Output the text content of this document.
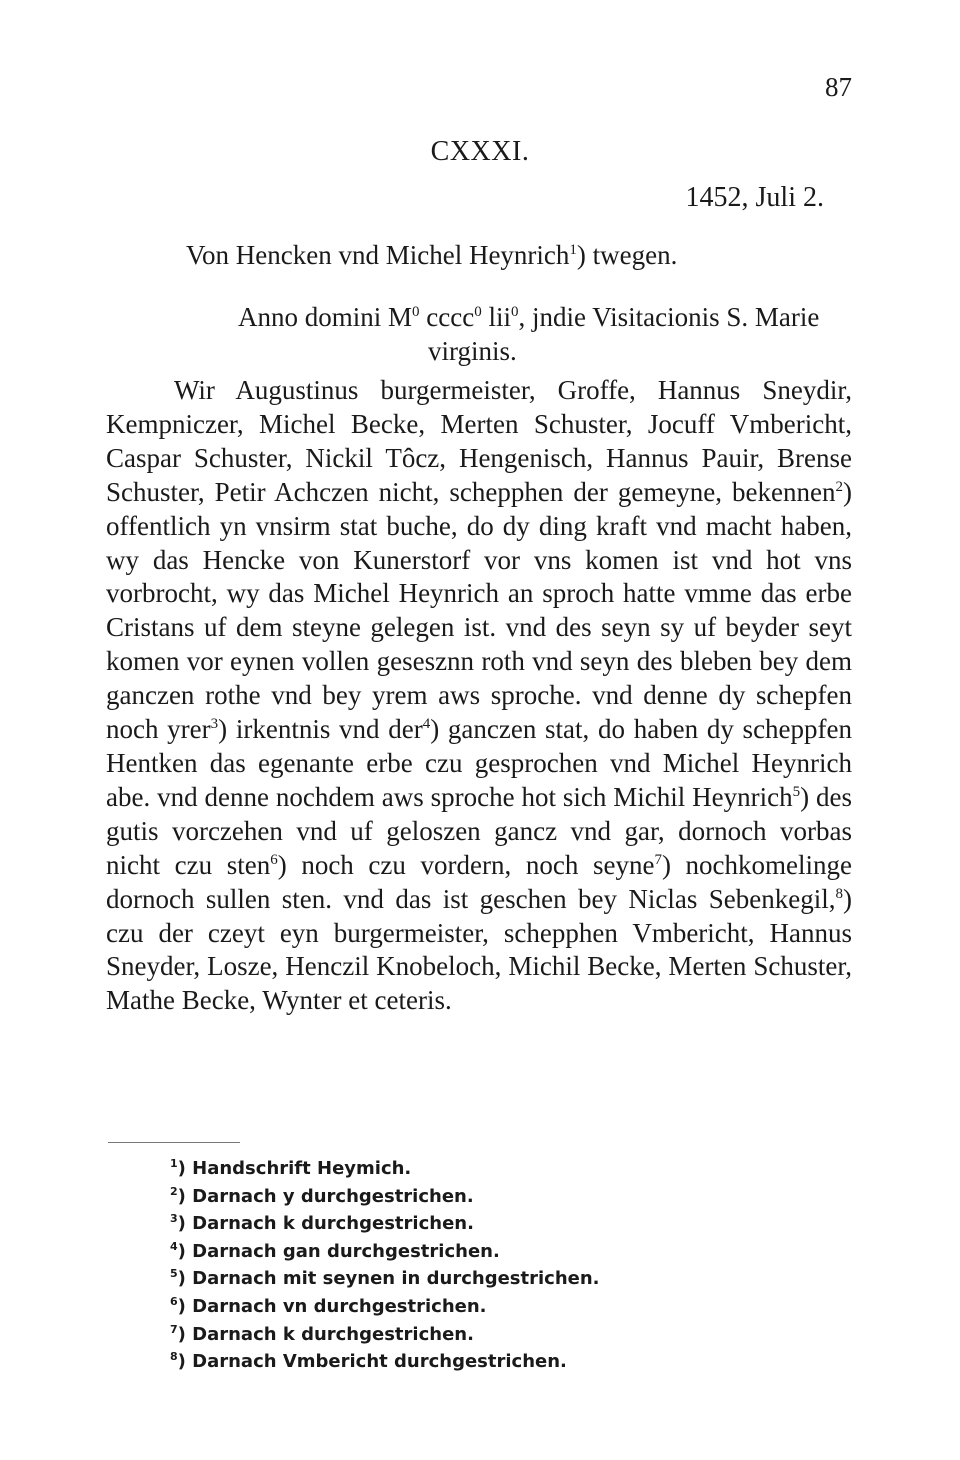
87
CXXXI.
1452, Juli 2.
Von Hencken vnd Michel Heynrich$^1$) twegen.
Anno domini $M^0$ cccc$^0$ lii$^0$, jndie Visitacionis S. Marie
virginis.

Wir Augustinus burgermeister, Groffe, Hannus Sneydir, Kempniczer, Michel Becke, Merten Schuster, Jocuff Vmbericht, Caspar Schuster, Nickil Tôcz, Hengenisch, Hannus Pauir, Brense Schuster, Petir Achczen nicht, schepphen der gemeyne, bekennen$^2$) offentlich yn vnsirm stat buche, do dy ding kraft vnd macht haben, wy das Hencke von Kunerstorf vor vns komen ist vnd hot vns vorbrocht, wy das Michel Heynrich an sproch hatte vmme das erbe Cristans uf dem steyne gelegen ist. vnd des seyn sy uf beyder seyt komen vor eynen vollen gesesznn roth vnd seyn des bleben bey dem ganczen rothe vnd bey yrem aws sproche. vnd denne dy schepfen noch yrer$^3$) irkentnis vnd der$^4$) ganczen stat, do haben dy scheppfen Hentken das egenante erbe czu gesprochen vnd Michel Heynrich abe. vnd denne nochdem aws sproche hot sich Michil Heynrich$^5$) des gutis vorczehen vnd uf geloszen gancz vnd gar, dornoch vorbas nicht czu sten$^6$) noch czu vordern, noch seyne$^7$) nochkomelinge dornoch sullen sten. vnd das ist geschen bey Niclas Sebenkegil,$^8$) czu der czeyt eyn burgermeister, schepphen Vmbericht, Hannus Sneyder, Losze, Henczil Knobeloch, Michil Becke, Merten Schuster, Mathe Becke, Wynter et ceteris.

$^1$) Handschrift Heymich.
$^2$) Darnach y durchgestrichen.
$^3$) Darnach k durchgestrichen.
$^4$) Darnach gan durchgestrichen.
$^5$) Darnach mit seynen in durchgestrichen.
$^6$) Darnach vn durchgestrichen.
$^7$) Darnach k durchgestrichen.
$^8$) Darnach Vmbericht durchgestrichen.
